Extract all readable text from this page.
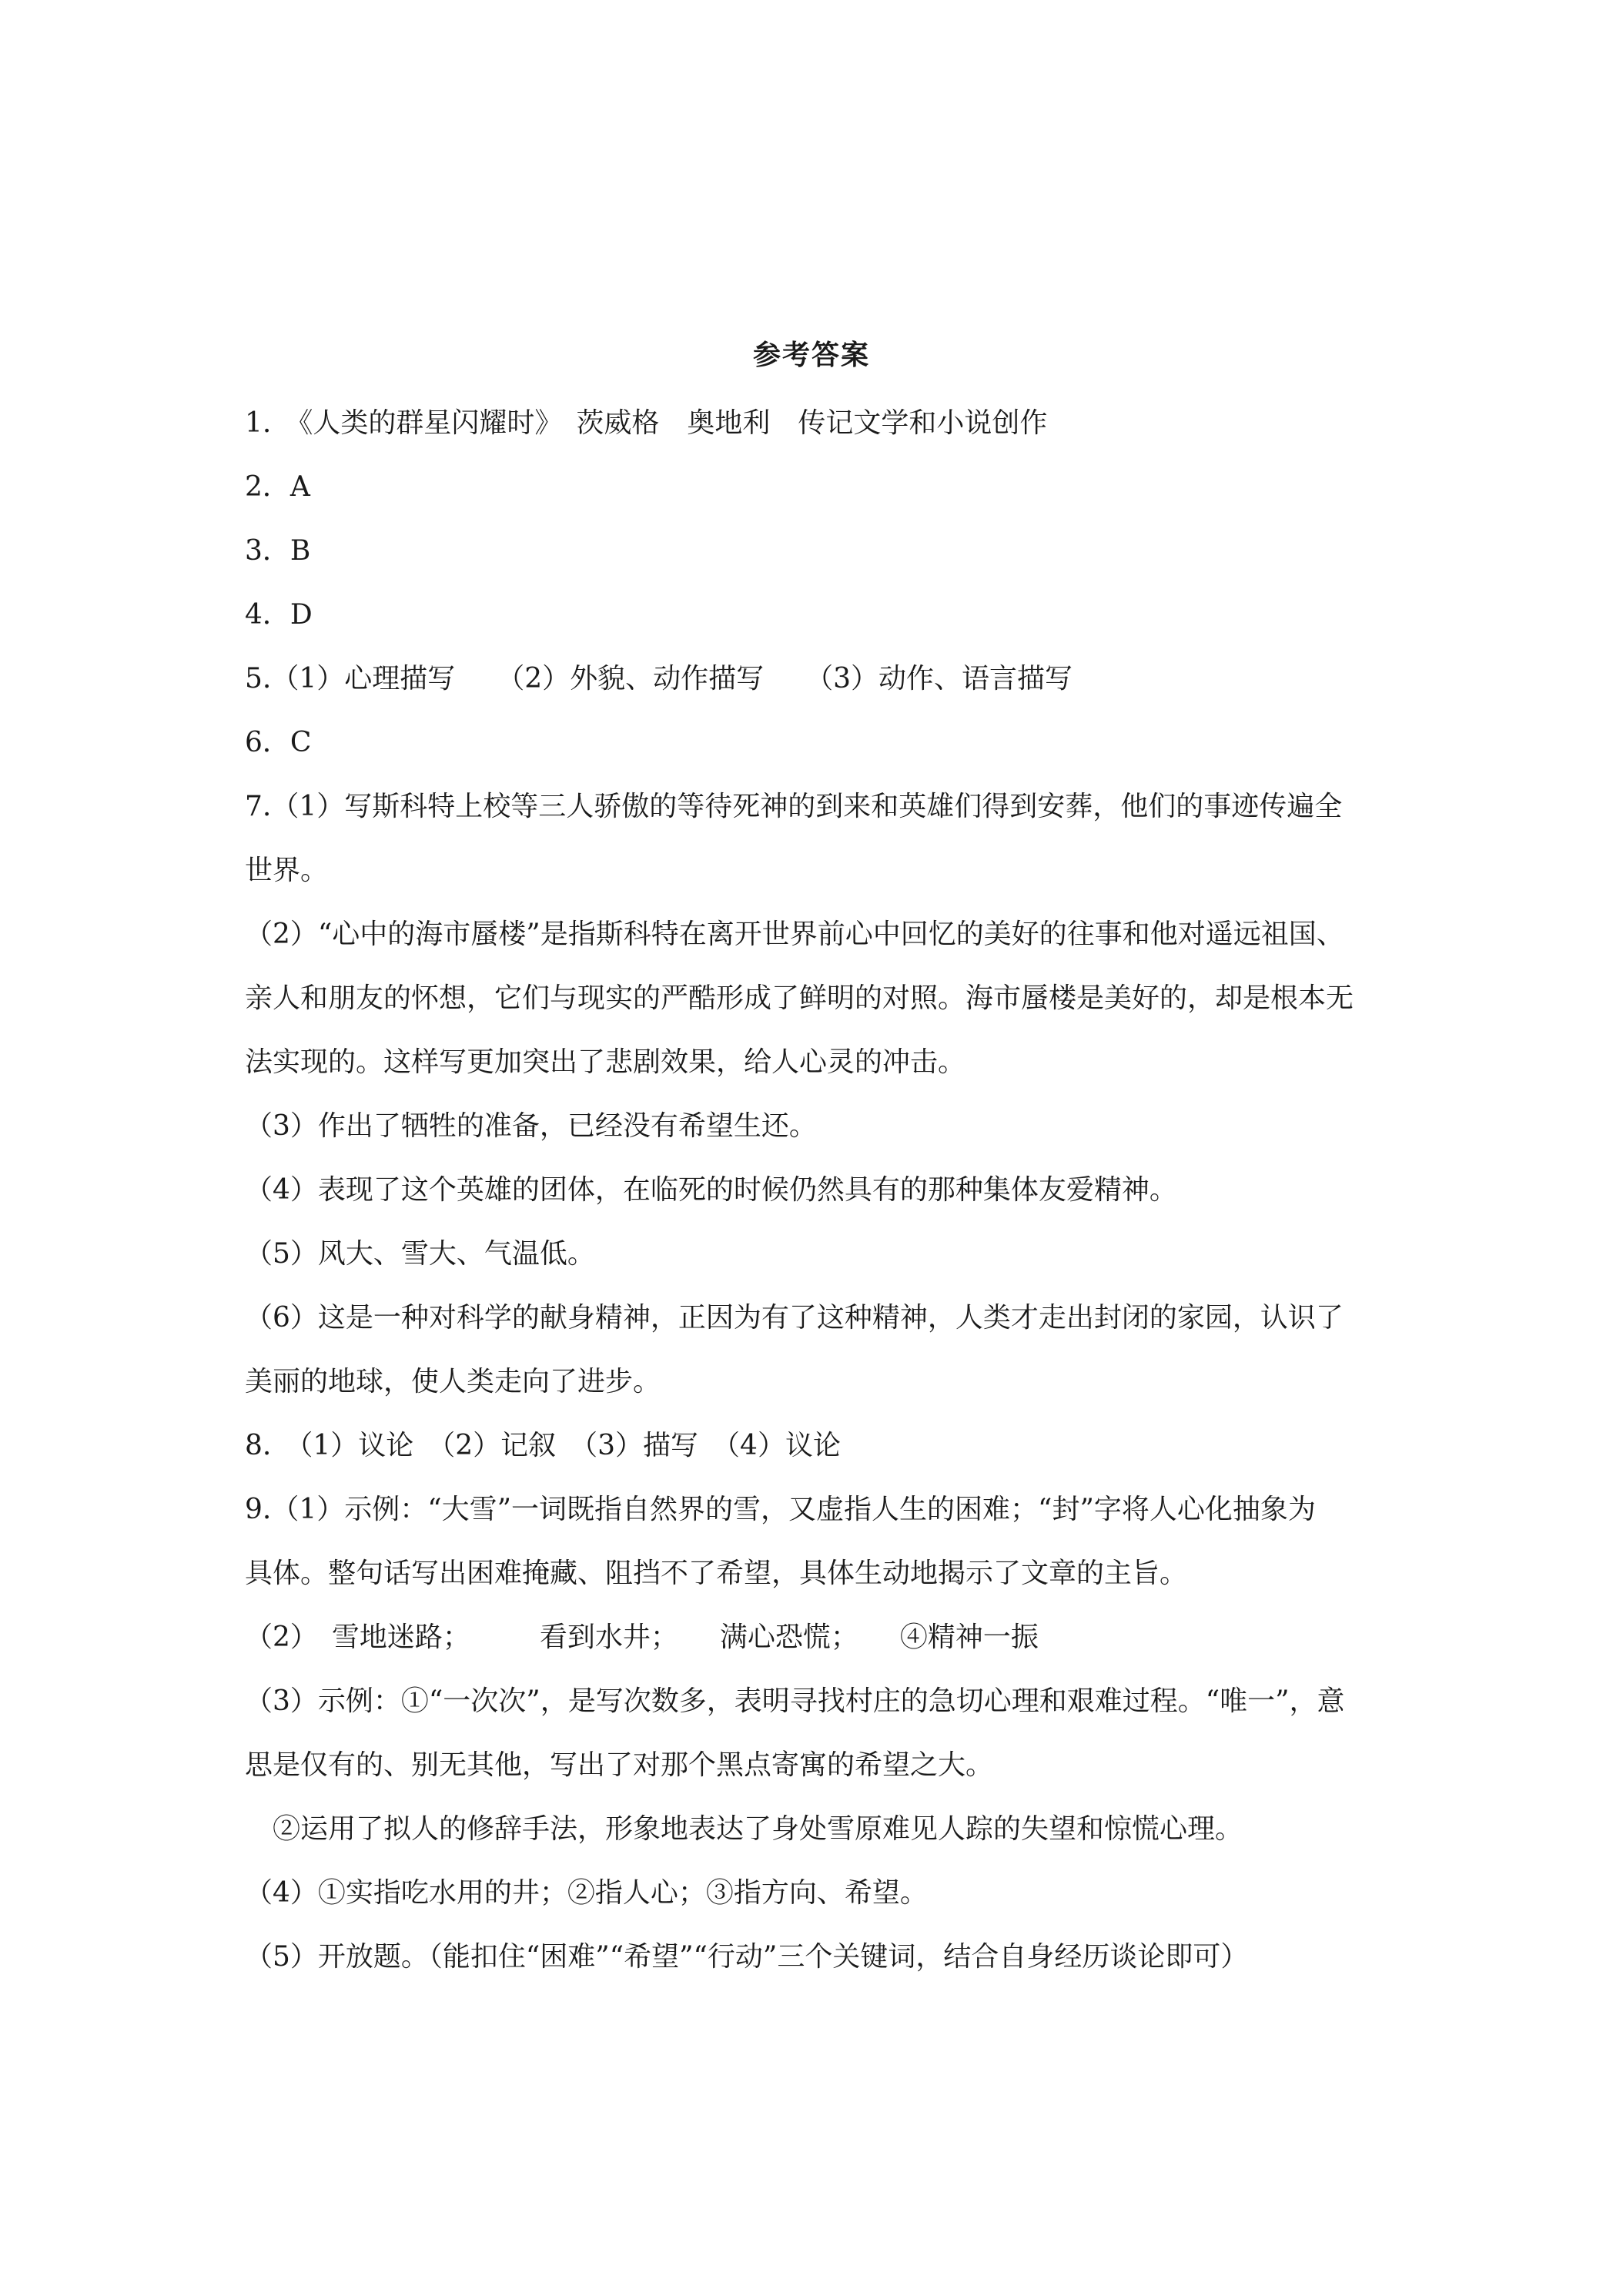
参考答案
1.　《人类的群星闪耀时》　茨威格　奥地利　传记文学和小说创作
2．A
3．B
4．D
5.（1）心理描写　　（2）外貌、动作描写　　（3）动作、语言描写
6．C
7.（1）写斯科特上校等三人骄傲的等待死神的到来和英雄们得到安葬，他们的事迹传遍全
世界。
（2）“心中的海市蜃楼”是指斯科特在离开世界前心中回忆的美好的往事和他对遥远祖国、
亲人和朋友的怀想，它们与现实的严酷形成了鲜明的对照。海市蜃楼是美好的，却是根本无
法实现的。这样写更加突出了悲剧效果，给人心灵的冲击。
（3）作出了牺牲的准备，已经没有希望生还。
（4）表现了这个英雄的团体，在临死的时候仍然具有的那种集体友爱精神。
（5）风大、雪大、气温低。
（6）这是一种对科学的献身精神，正因为有了这种精神，人类才走出封闭的家园，认识了
美丽的地球，使人类走向了进步。
8.　（1）议论　（2）记叙　（3）描写　（4）议论
9.（1）示例：“大雪”一词既指自然界的雪，又虚指人生的困难；“封”字将人心化抽象为
具体。整句话写出困难掩藏、阻挡不了希望，具体生动地揭示了文章的主旨。
（2）　雪地迷路；　　　看到水井；　　满心恐慌；　　④精神一振
（3）示例：①“一次次”，是写次数多，表明寻找村庄的急切心理和艰难过程。“唯一”，意
思是仅有的、别无其他，写出了对那个黑点寄寓的希望之大。
　②运用了拟人的修辞手法，形象地表达了身处雪原难见人踪的失望和惊慌心理。
（4）①实指吃水用的井；②指人心；③指方向、希望。
（5）开放题。（能扣住“困难”“希望”“行动”三个关键词，结合自身经历谈论即可）
